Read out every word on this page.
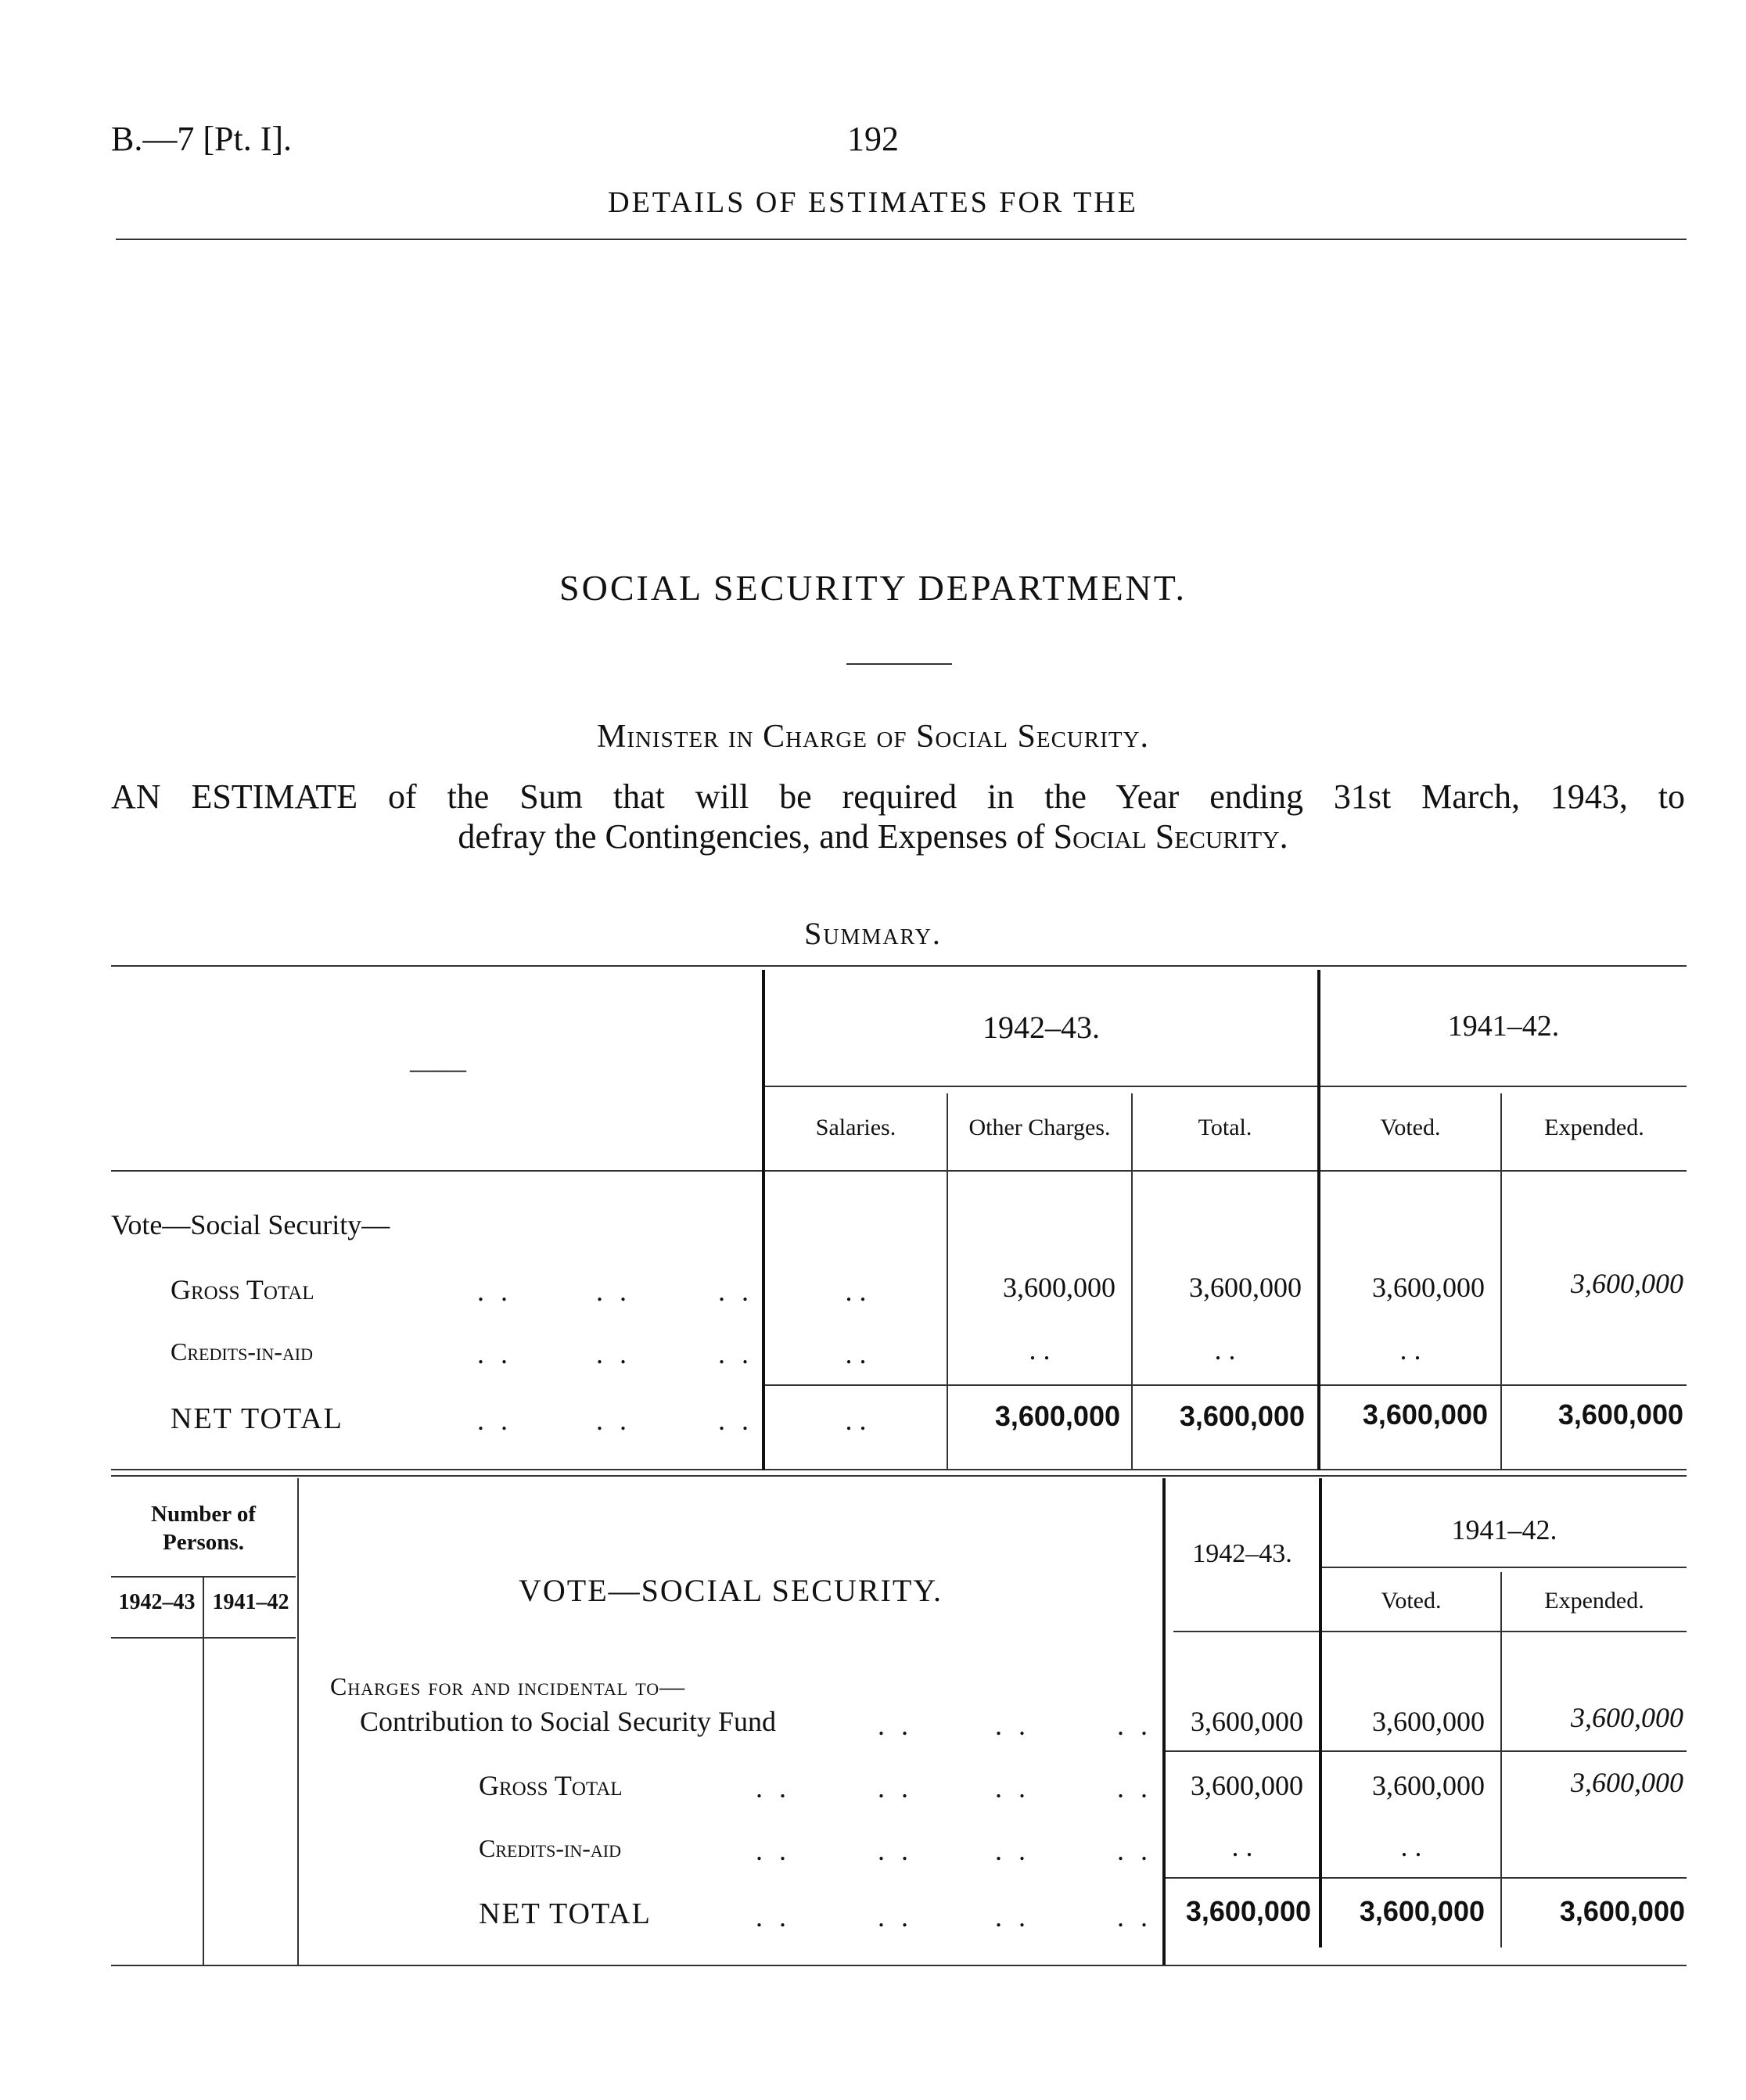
B.—7 [Pt. I].	192
DETAILS OF ESTIMATES FOR THE
SOCIAL SECURITY DEPARTMENT.
Minister in Charge of Social Security.
AN ESTIMATE of the Sum that will be required in the Year ending 31st March, 1943, to
defray the Contingencies, and Expenses of Social Security.
Summary.
——
1942–43.	1941–42.
Salaries.	Other Charges.	Total.	Voted.	Expended.
Vote—Social Security—
Gross Total	. .	. .	. .	. .	3,600,000	3,600,000	3,600,000	3,600,000
Credits-in-aid	. .	. .	. .	. .	. .	. .	. .
NET TOTAL	. .	. .	. .	. .	3,600,000	3,600,000	3,600,000	3,600,000
Number of Persons.
1942–43 1941–42	VOTE—SOCIAL SECURITY.
1942–43.
1941–42.
Voted.	Expended.
Charges for and incidental to—
Contribution to Social Security Fund	. .	. .	. .	3,600,000	3,600,000	3,600,000
Gross Total	. .	. .	. .	. .	3,600,000	3,600,000	3,600,000
Credits-in-aid	. .	. .	. .	. .	. .	. .
NET TOTAL	. .	. .	. .	. .	3,600,000	3,600,000	3,600,000
